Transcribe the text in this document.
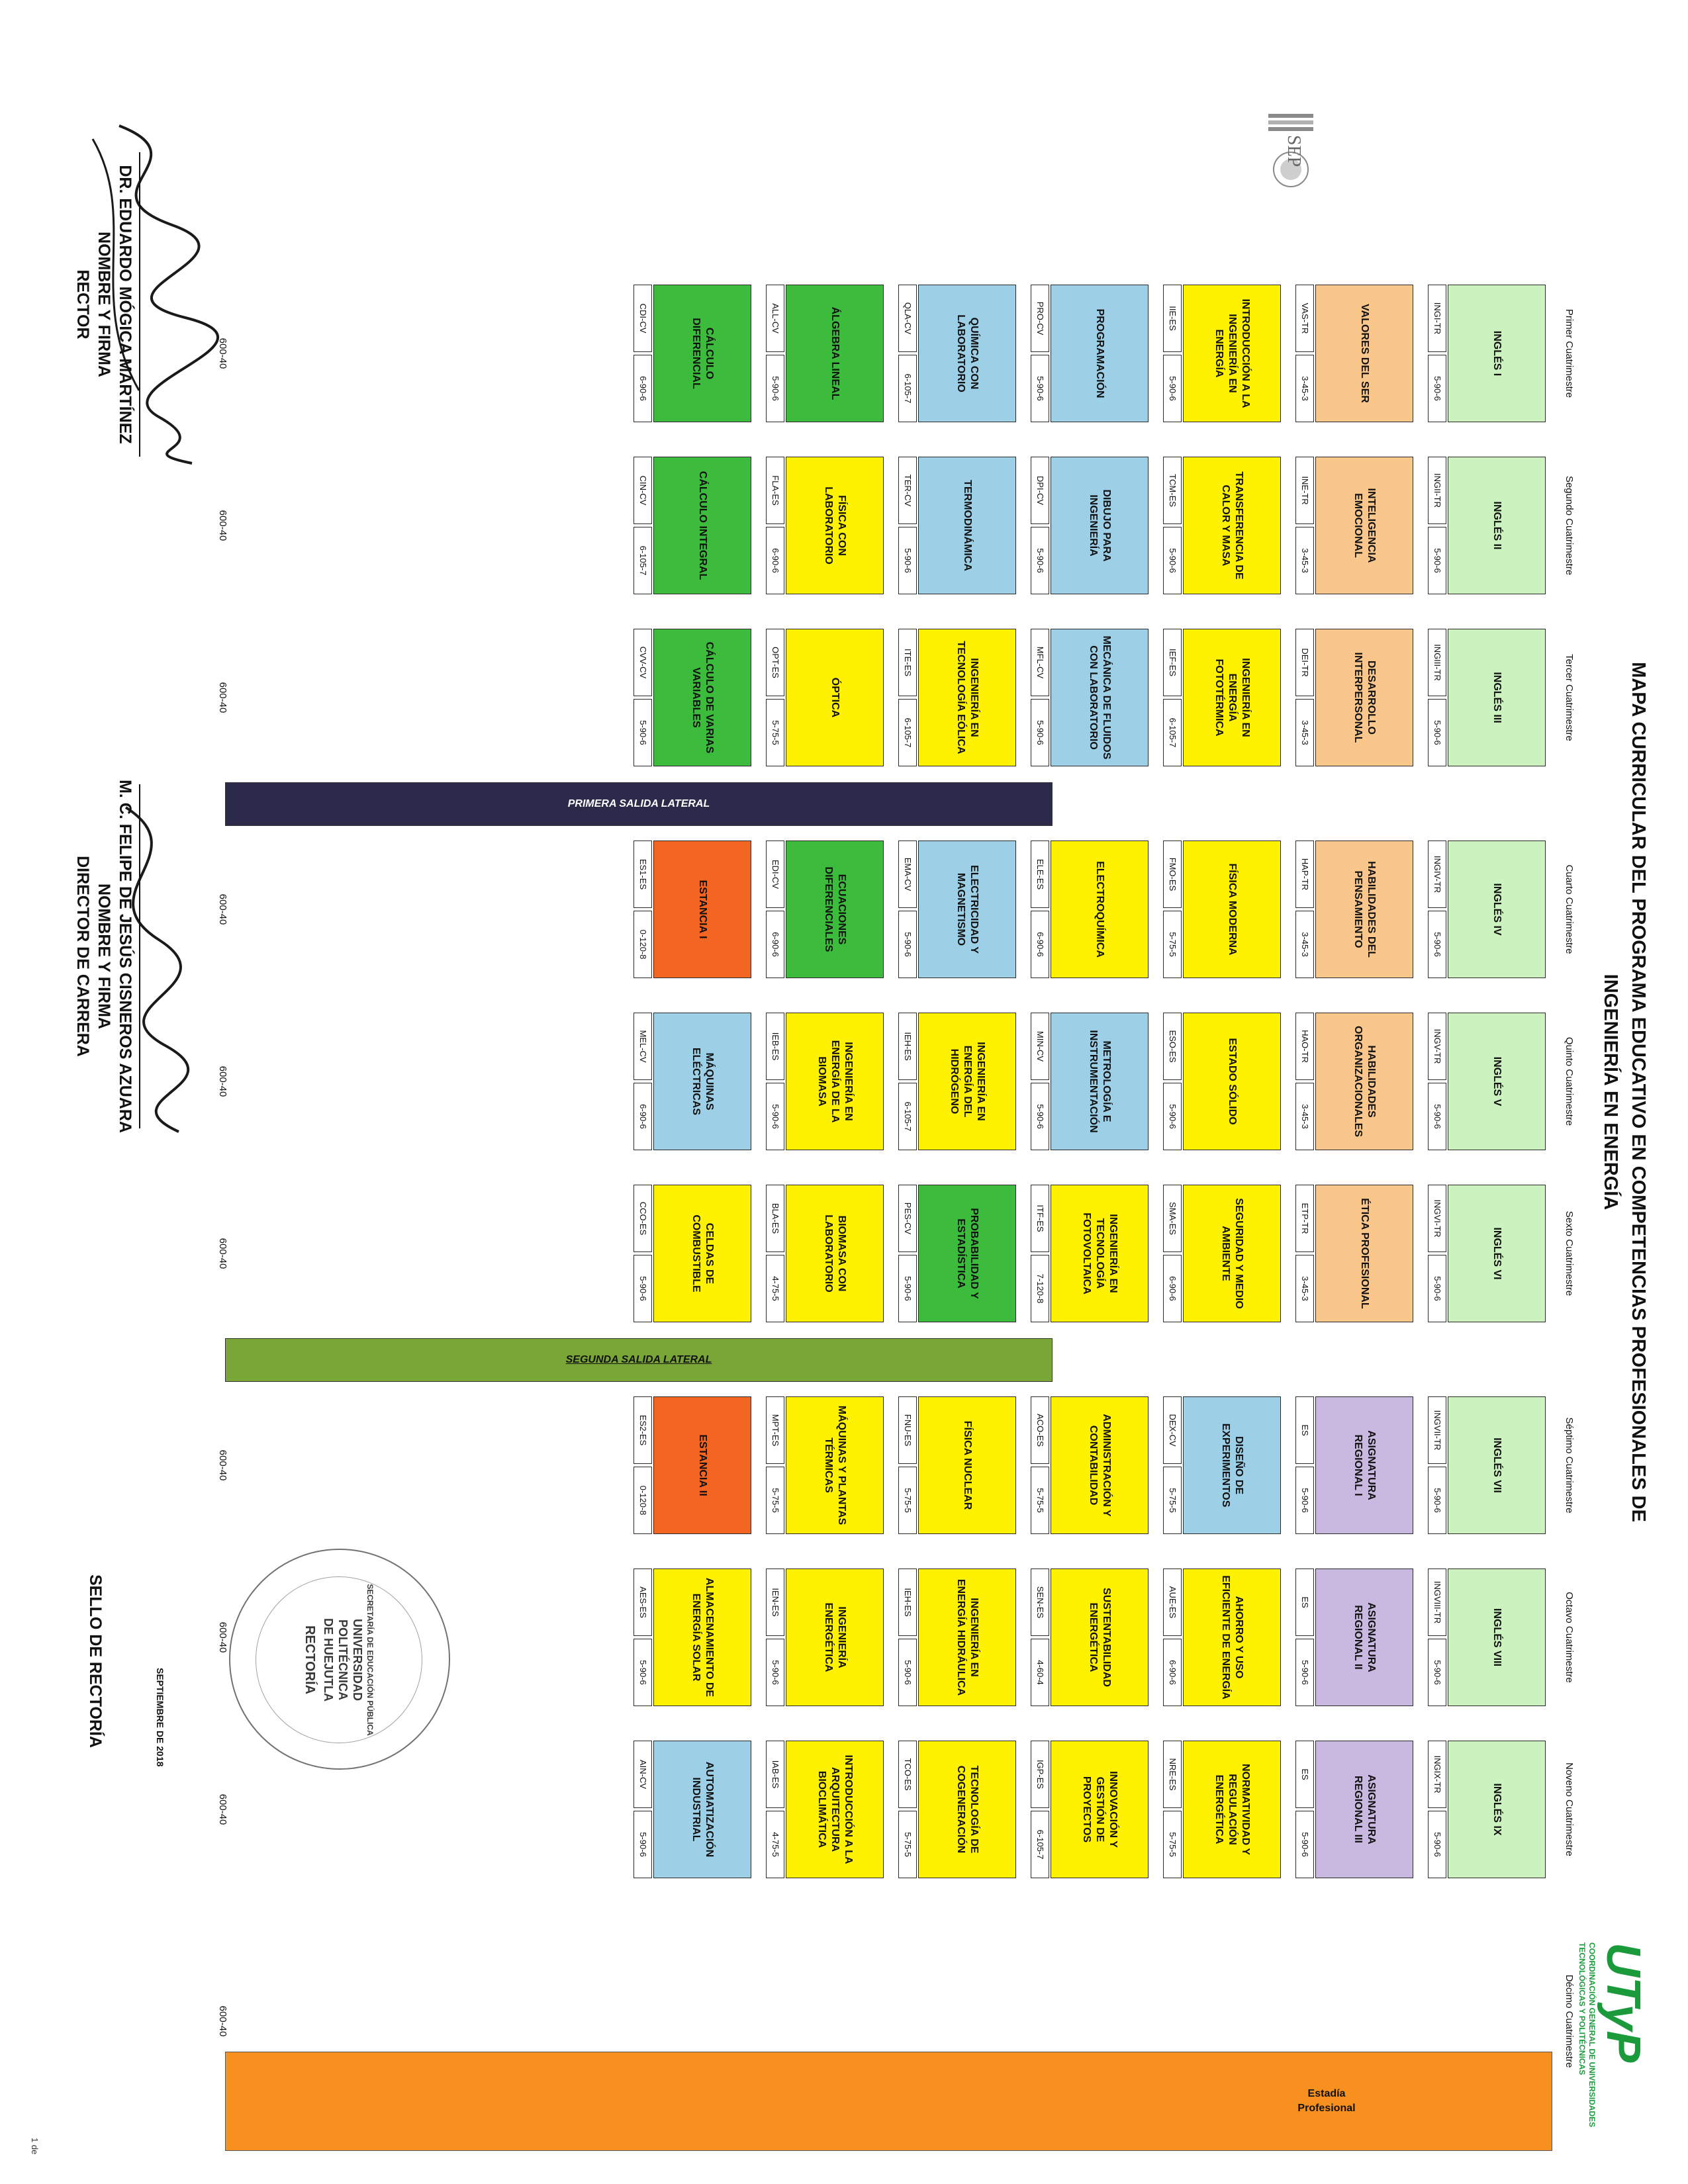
SEP
MAPA CURRICULAR DEL PROGRAMA EDUCATIVO EN COMPETENCIAS PROFESIONALES DE
INGENIERÍA EN ENERGÍA
UTyP
COORDINACIÓN GENERAL DE UNIVERSIDADES
TECNOLÓGICAS Y POLITÉCNICAS
PRIMER CICLO DE FORMACIÓN
SEGUNDO CICLO DE FORMACIÓN
TERCER CICLO DE FORMACIÓN
Primer Cuatrimestre
Segundo Cuatrimestre
Tercer Cuatrimestre
Cuarto Cuatrimestre
Quinto Cuatrimestre
Sexto Cuatrimestre
Séptimo Cuatrimestre
Octavo Cuatrimestre
Noveno Cuatrimestre
Décimo Cuatrimestre
INGLÉS I
INGI-TR
5-90-6
VALORES DEL SER
VAS-TR
3-45-3
INTRODUCCIÓN A LA INGENIERÍA EN ENERGÍA
IIE-ES
5-90-6
PROGRAMACIÓN
PRO-CV
5-90-6
QUÍMICA CON LABORATORIO
QLA-CV
6-105-7
ÁLGEBRA LINEAL
ALL-CV
5-90-6
CÁLCULO DIFERENCIAL
CDI-CV
6-90-6
INGLÉS II
INGII-TR
5-90-6
INTELIGENCIA EMOCIONAL
INE-TR
3-45-3
TRANSFERENCIA DE CALOR Y MASA
TCM-ES
5-90-6
DIBUJO PARA INGENIERÍA
DPI-CV
5-90-6
TERMODINÁMICA
TER-CV
5-90-6
FÍSICA CON LABORATORIO
FLA-ES
6-90-6
CÁLCULO INTEGRAL
CIN-CV
6-105-7
INGLÉS III
INGIII-TR
5-90-6
DESARROLLO INTERPERSONAL
DEI-TR
3-45-3
INGENIERÍA EN ENERGÍA FOTOTÉRMICA
IEF-ES
6-105-7
MECÁNICA DE FLUIDOS CON LABORATORIO
MFL-CV
5-90-6
INGENIERÍA EN TECNOLOGÍA EÓLICA
ITE-ES
6-105-7
ÓPTICA
OPT-ES
5-75-5
CÁLCULO DE VARIAS VARIABLES
CVV-CV
5-90-6
INGLÉS IV
INGIV-TR
5-90-6
HABILIDADES DEL PENSAMIENTO
HAP-TR
3-45-3
FÍSICA MODERNA
FMO-ES
5-75-5
ELECTROQUÍMICA
ELE-ES
6-90-6
ELECTRICIDAD Y MAGNETISMO
EMA-CV
5-90-6
ECUACIONES DIFERENCIALES
EDI-CV
6-90-6
ESTANCIA I
ES1-ES
0-120-8
INGLÉS V
INGV-TR
5-90-6
HABILIDADES ORGANIZACIONALES
HAO-TR
3-45-3
ESTADO SÓLIDO
ESO-ES
5-90-6
METROLOGÍA E INSTRUMENTACIÓN
MIN-CV
5-90-6
INGENIERÍA EN ENERGÍA DEL HIDRÓGENO
IEH-ES
6-105-7
INGENIERÍA EN ENERGÍA DE LA BIOMASA
IEB-ES
5-90-6
MÁQUINAS ELÉCTRICAS
MEL-CV
6-90-6
INGLÉS VI
INGVI-TR
5-90-6
ÉTICA PROFESIONAL
ETP-TR
3-45-3
SEGURIDAD Y MEDIO AMBIENTE
SMA-ES
6-90-6
INGENIERÍA EN TECNOLOGÍA FOTOVOLTAICA
ITF-ES
7-120-8
PROBABILIDAD Y ESTADÍSTICA
PES-CV
5-90-6
BIOMASA CON LABORATORIO
BLA-ES
4-75-5
CELDAS DE COMBUSTIBLE
CCO-ES
5-90-6
INGLÉS VII
INGVII-TR
5-90-6
ASIGNATURA REGIONAL I
ES
5-90-6
DISEÑO DE EXPERIMENTOS
DEX-CV
5-75-5
ADMINISTRACIÓN Y CONTABILIDAD
ACO-ES
5-75-5
FÍSICA NUCLEAR
FNU-ES
5-75-5
MÁQUINAS Y PLANTAS TÉRMICAS
MPT-ES
5-75-5
ESTANCIA II
ES2-ES
0-120-8
INGLÉS VIII
INGVIII-TR
5-90-6
ASIGNATURA REGIONAL II
ES
5-90-6
AHORRO Y USO EFICIENTE DE ENERGÍA
AUE-ES
6-90-6
SUSTENTABILIDAD ENERGÉTICA
SEN-ES
4-60-4
INGENIERÍA EN ENERGÍA HIDRÁULICA
IEH-ES
5-90-6
INGENIERÍA ENERGÉTICA
IEN-ES
5-90-6
ALMACENAMIENTO DE ENERGÍA SOLAR
AES-ES
5-90-6
INGLÉS IX
INGIX-TR
5-90-6
ASIGNATURA REGIONAL III
ES
5-90-6
NORMATIVIDAD Y REGULACIÓN ENERGÉTICA
NRE-ES
5-75-5
INNOVACIÓN Y GESTIÓN DE PROYECTOS
IGP-ES
6-105-7
TECNOLOGÍA DE COGENERACIÓN
TCO-ES
5-75-5
INTRODUCCIÓN A LA ARQUITECTURA BIOCLIMÁTICA
IAB-ES
4-75-5
AUTOMATIZACIÓN INDUSTRIAL
AIN-CV
5-90-6
600-40
600-40
600-40
600-40
600-40
600-40
600-40
600-40
600-40
600-40
PRIMERA SALIDA LATERAL
SEGUNDA SALIDA LATERAL
Estadía
Profesional
DR. EDUARDO MÓGICA MARTÍNEZ
NOMBRE Y FIRMA
RECTOR
M. C. FELIPE DE JESÚS CISNEROS AZUARA
NOMBRE Y FIRMA
DIRECTOR DE CARRERA
SELLO DE RECTORÍA	SECRETARÍA DE EDUCACIÓN PÚBLICA
UNIVERSIDAD
POLITÉCNICA
DE HUEJUTLA
RECTORÍA
SEPTIEMBRE DE 2018
1 de
